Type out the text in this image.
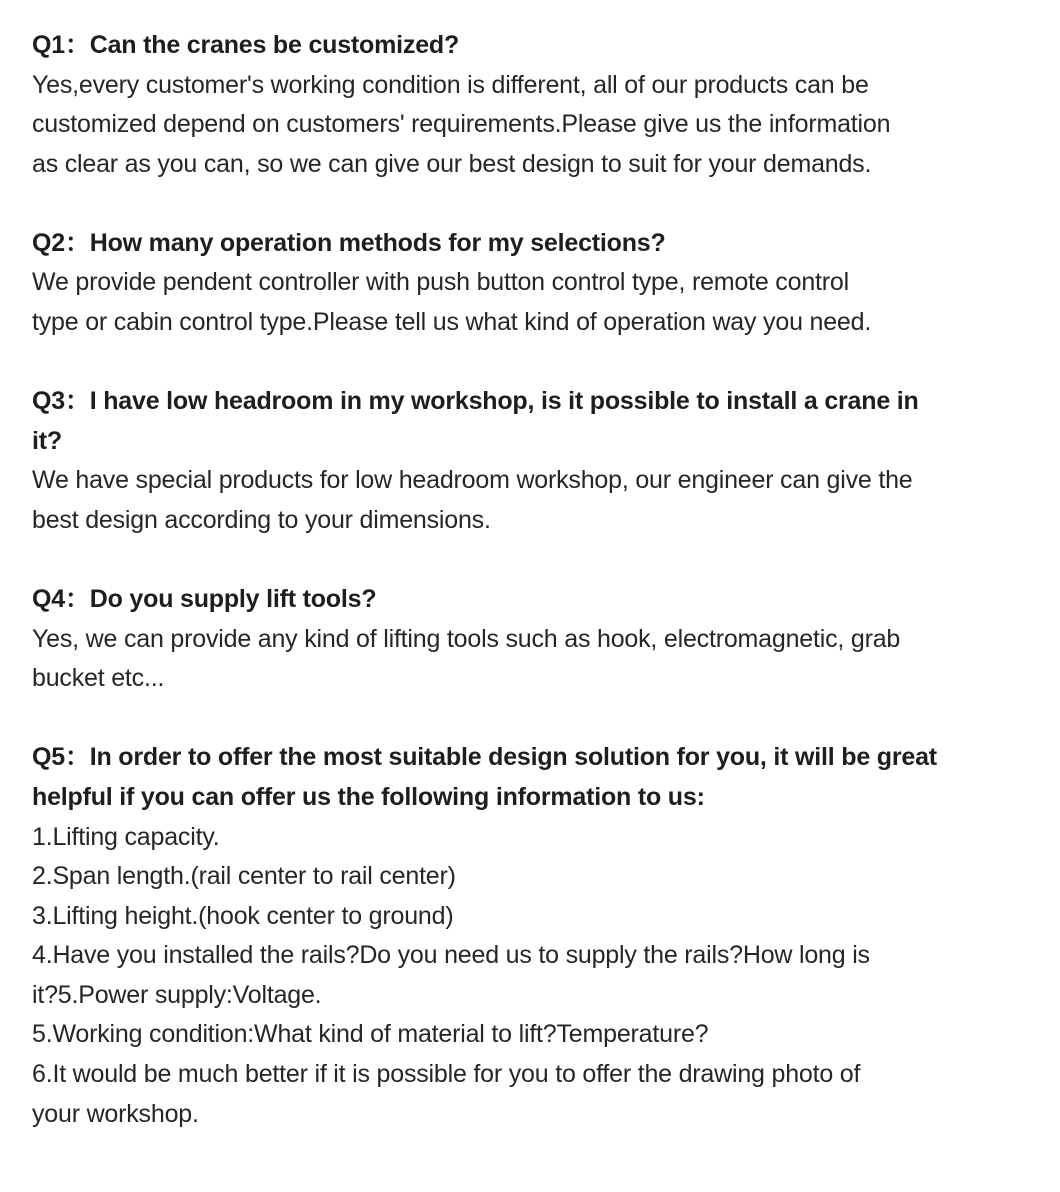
Q1：Can the cranes be customized?
Yes,every customer's working condition is different, all of our products can be
customized depend on customers' requirements.Please give us the information
as clear as you can, so we can give our best design to suit for your demands.
Q2：How many operation methods for my selections?
We provide pendent controller with push button control type, remote control
type or cabin control type.Please tell us what kind of operation way you need.
Q3：I have low headroom in my workshop, is it possible to install a crane in
it?
We have special products for low headroom workshop, our engineer can give the
best design according to your dimensions.
Q4：Do you supply lift tools?
Yes, we can provide any kind of lifting tools such as hook, electromagnetic, grab
bucket etc...
Q5：In order to offer the most suitable design solution for you, it will be great
helpful if you can offer us the following information to us:
1.Lifting capacity.
2.Span length.(rail center to rail center)
3.Lifting height.(hook center to ground)
4.Have you installed the rails?Do you need us to supply the rails?How long is
it?5.Power supply:Voltage.
5.Working condition:What kind of material to lift?Temperature?
6.It would be much better if it is possible for you to offer the drawing photo of
your workshop.
